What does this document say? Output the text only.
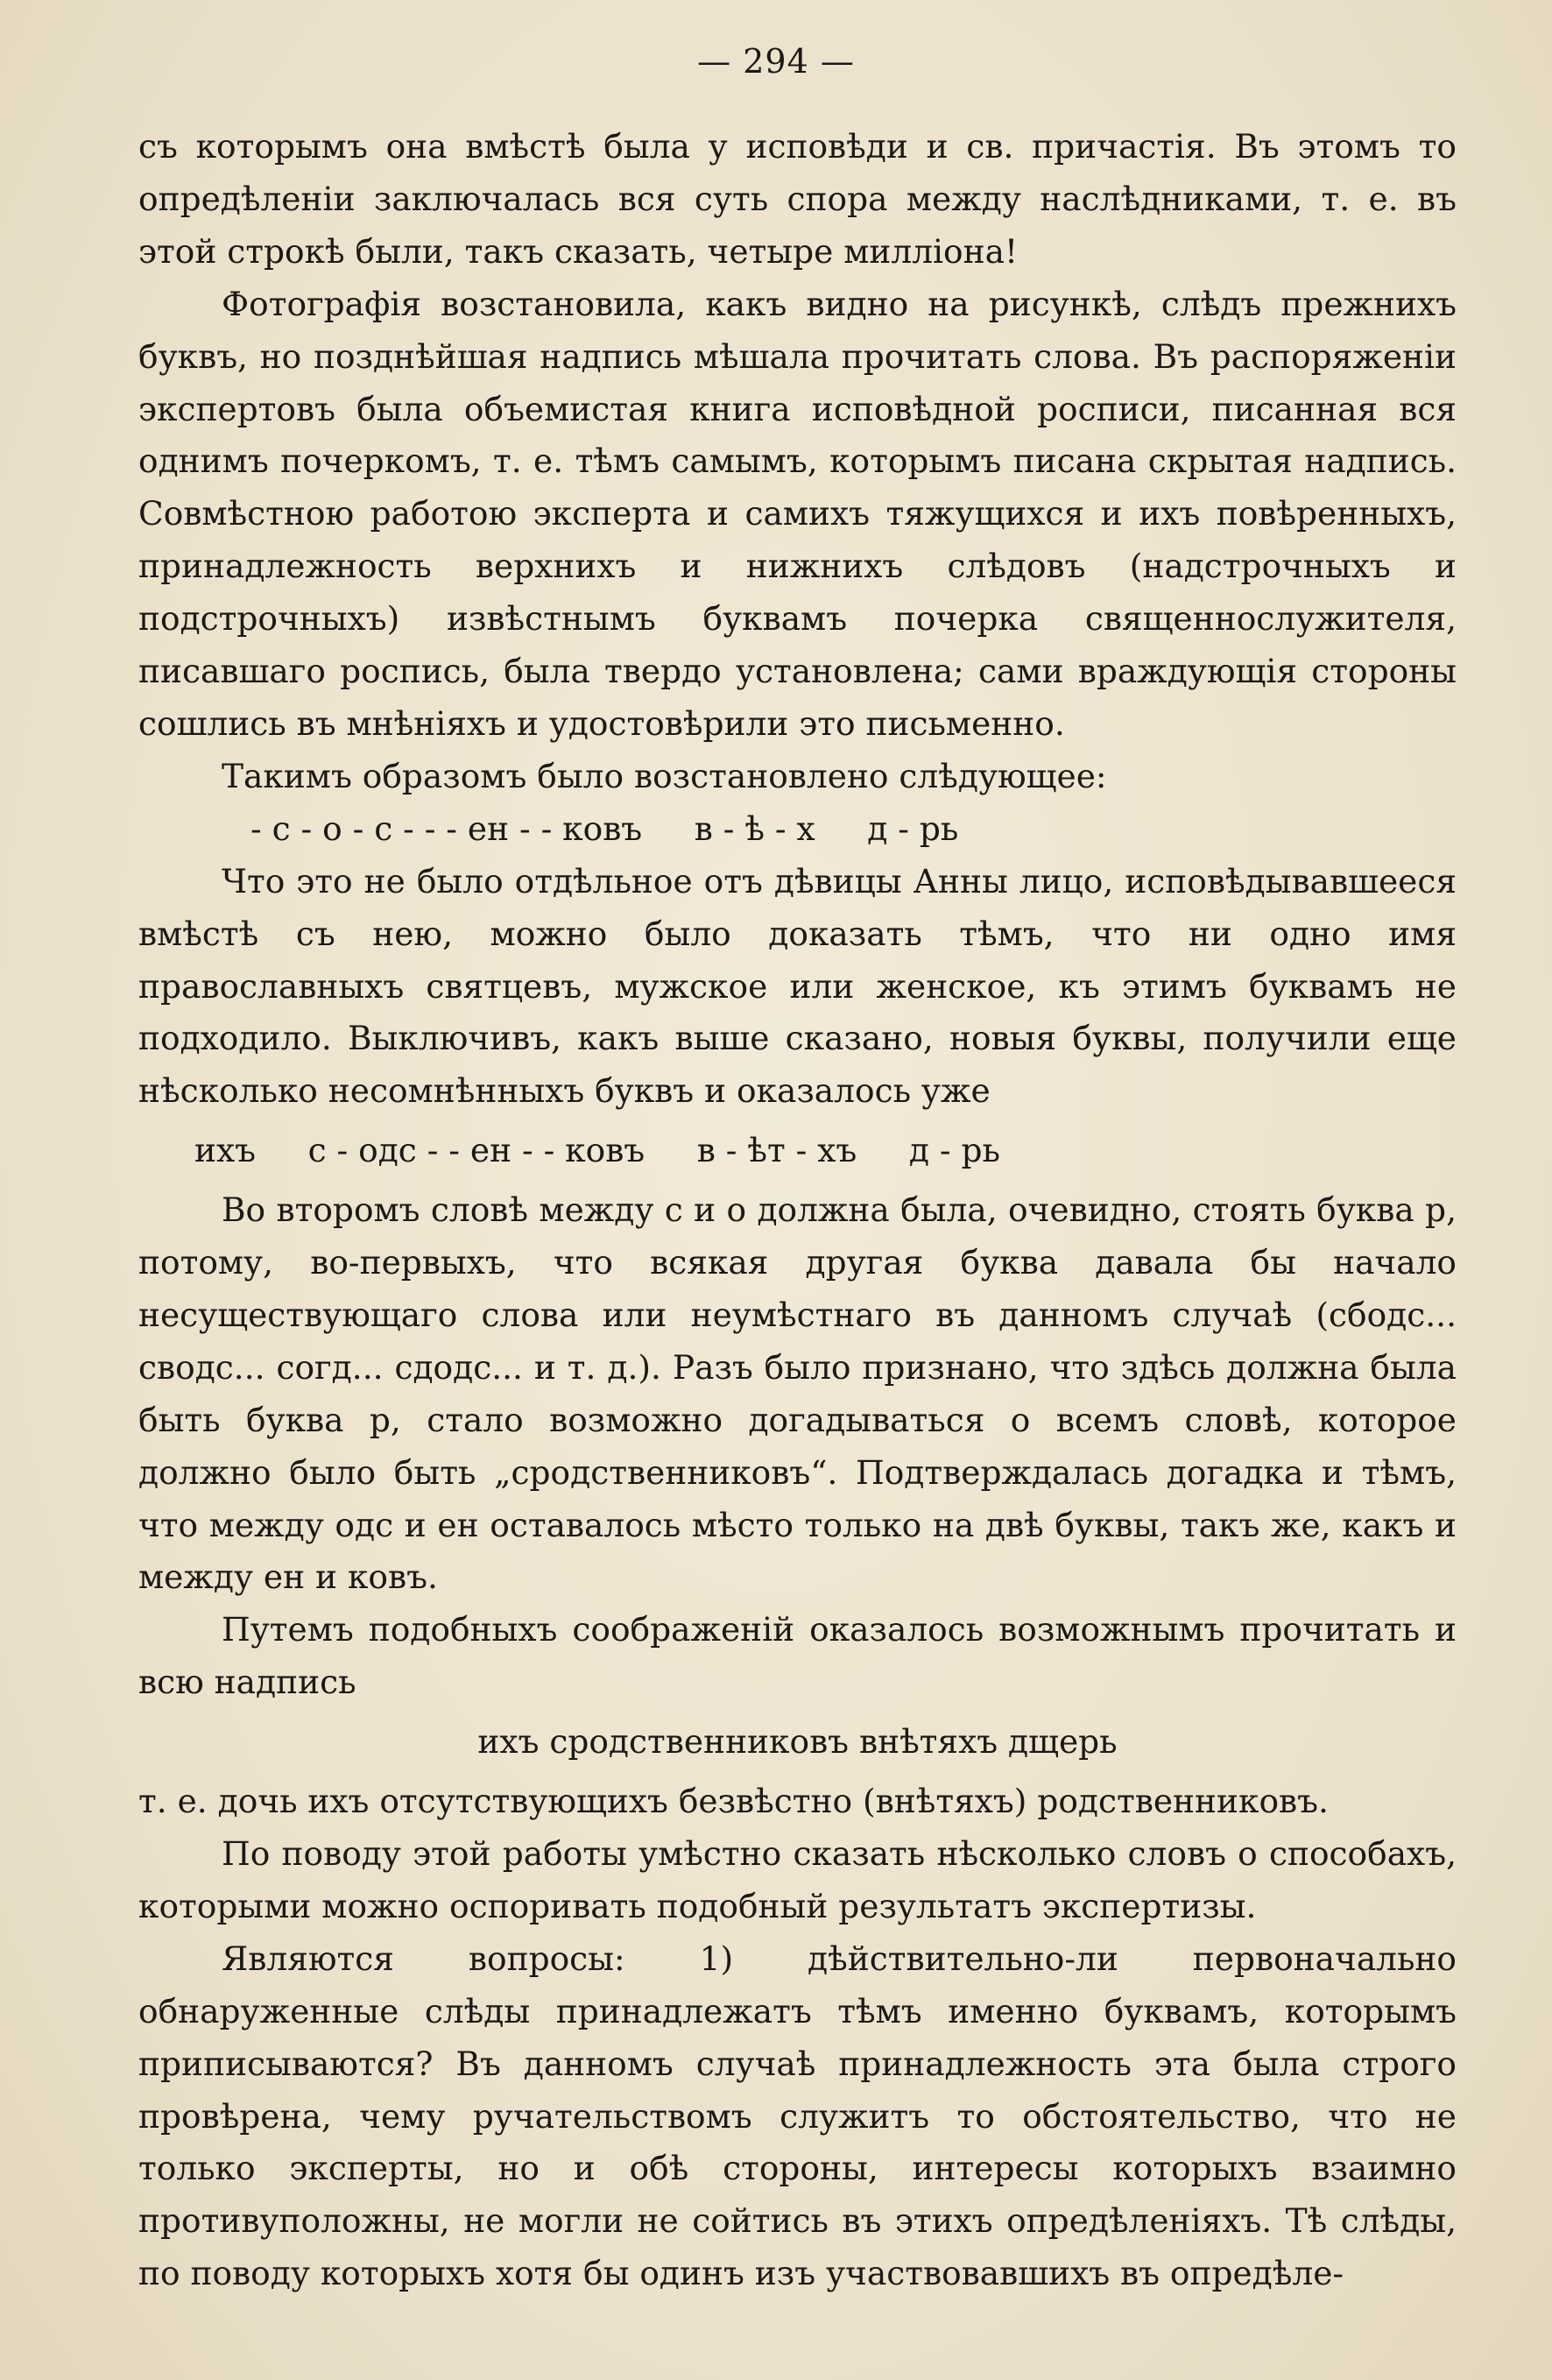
— 294 —

съ которымъ она вмѣстѣ была у исповѣди и св. причастія. Въ этомъ то опредѣленіи заключалась вся суть спора между наслѣдниками, т. е. въ этой строкѣ были, такъ сказать, четыре милліона!

Фотографія возстановила, какъ видно на рисункѣ, слѣдъ прежнихъ буквъ, но позднѣйшая надпись мѣшала прочитать слова. Въ распоряженіи экспертовъ была объемистая книга исповѣдной росписи, писанная вся однимъ почеркомъ, т. е. тѣмъ самымъ, которымъ писана скрытая надпись. Совмѣстною работою эксперта и самихъ тяжущихся и ихъ повѣренныхъ, принадлежность верхнихъ и нижнихъ слѣдовъ (надстрочныхъ и подстрочныхъ) извѣстнымъ буквамъ почерка священнослужителя, писавшаго роспись, была твердо установлена; сами враждующія стороны сошлись въ мнѣніяхъ и удостовѣрили это письменно.

Такимъ образомъ было возстановлено слѣдующее:

- с - о - с - - - ен - - ковъ     в - ѣ - х     д - рь

Что это не было отдѣльное отъ дѣвицы Анны лицо, исповѣдывавшееся вмѣстѣ съ нею, можно было доказать тѣмъ, что ни одно имя православныхъ святцевъ, мужское или женское, къ этимъ буквамъ не подходило. Выключивъ, какъ выше сказано, новыя буквы, получили еще нѣсколько несомнѣнныхъ буквъ и оказалось уже

ихъ     с - одс - - ен - - ковъ     в - ѣт - хъ     д - рь

Во второмъ словѣ между с и о должна была, очевидно, стоять буква р, потому, во-первыхъ, что всякая другая буква давала бы начало несуществующаго слова или неумѣстнаго въ данномъ случаѣ (сбодс... сводс... согд... сдодс... и т. д.). Разъ было признано, что здѣсь должна была быть буква р, стало возможно догадываться о всемъ словѣ, которое должно было быть „сродственниковъ“. Подтверждалась догадка и тѣмъ, что между одс и ен оставалось мѣсто только на двѣ буквы, такъ же, какъ и между ен и ковъ.

Путемъ подобныхъ соображеній оказалось возможнымъ прочитать и всю надпись

ихъ сродственниковъ внѣтяхъ дщерь

т. е. дочь ихъ отсутствующихъ безвѣстно (внѣтяхъ) родственниковъ.

По поводу этой работы умѣстно сказать нѣсколько словъ о способахъ, которыми можно оспоривать подобный результатъ экспертизы.

Являются вопросы: 1) дѣйствительно-ли первоначально обнаруженные слѣды принадлежатъ тѣмъ именно буквамъ, которымъ приписываются? Въ данномъ случаѣ принадлежность эта была строго провѣрена, чему ручательствомъ служитъ то обстоятельство, что не только эксперты, но и обѣ стороны, интересы которыхъ взаимно противуположны, не могли не сойтись въ этихъ опредѣленіяхъ. Тѣ слѣды, по поводу которыхъ хотя бы одинъ изъ участвовавшихъ въ опредѣле-
